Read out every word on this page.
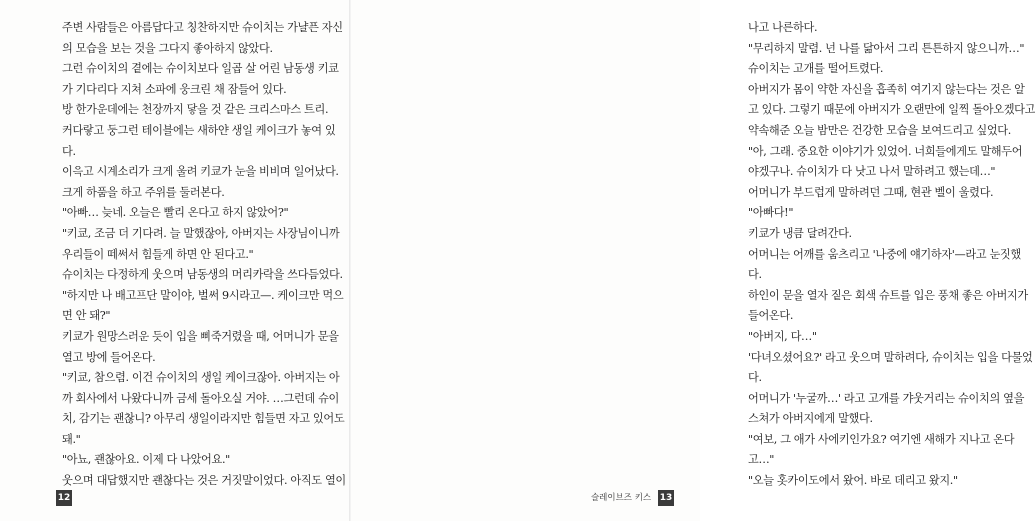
주변 사람들은 아름답다고 칭찬하지만 슈이치는 가냘픈 자신
의 모습을 보는 것을 그다지 좋아하지 않았다.
그런 슈이치의 곁에는 슈이치보다 일곱 살 어린 남동생 키쿄
가 기다리다 지쳐 소파에 웅크린 채 잠들어 있다.
방 한가운데에는 천장까지 닿을 것 같은 크리스마스 트리.
커다랗고 둥그런 테이블에는 새하얀 생일 케이크가 놓여 있
다.
이윽고 시계소리가 크게 울려 키쿄가 눈을 비비며 일어났다.
크게 하품을 하고 주위를 둘러본다.
"아빠… 늦네. 오늘은 빨리 온다고 하지 않았어?"
"키쿄, 조금 더 기다려. 늘 말했잖아, 아버지는 사장님이니까
우리들이 떼써서 힘들게 하면 안 된다고."
슈이치는 다정하게 웃으며 남동생의 머리카락을 쓰다듬었다.
"하지만 나 배고프단 말이야, 벌써 9시라고—. 케이크만 먹으
면 안 돼?"
키쿄가 원망스러운 듯이 입을 삐죽거렸을 때, 어머니가 문을
열고 방에 들어온다.
"키쿄, 참으렴. 이건 슈이치의 생일 케이크잖아. 아버지는 아
까 회사에서 나왔다니까 금세 돌아오실 거야. …그런데 슈이
치, 감기는 괜찮니? 아무리 생일이라지만 힘들면 자고 있어도
돼."
"아뇨, 괜찮아요. 이제 다 나았어요."
웃으며 대답했지만 괜찮다는 것은 거짓말이었다. 아직도 열이
12
나고 나른하다.
"무리하지 말렴. 넌 나를 닮아서 그리 튼튼하지 않으니까…"
슈이치는 고개를 떨어트렸다.
아버지가 몸이 약한 자신을 흡족히 여기지 않는다는 것은 알
고 있다. 그렇기 때문에 아버지가 오랜만에 일찍 돌아오겠다고
약속해준 오늘 밤만은 건강한 모습을 보여드리고 싶었다.
"아, 그래. 중요한 이야기가 있었어. 너희들에게도 말해두어
야겠구나. 슈이치가 다 낫고 나서 말하려고 했는데…"
어머니가 부드럽게 말하려던 그때, 현관 벨이 울렸다.
"아빠다!"
키쿄가 냉큼 달려간다.
어머니는 어깨를 움츠리고 '나중에 얘기하자'—라고 눈짓했
다.
하인이 문을 열자 짙은 회색 슈트를 입은 풍채 좋은 아버지가
들어온다.
"아버지, 다…"
'다녀오셨어요?' 라고 웃으며 말하려다, 슈이치는 입을 다물었
다.
어머니가 '누굴까…' 라고 고개를 갸웃거리는 슈이치의 옆을
스쳐가 아버지에게 말했다.
"여보, 그 애가 사에키인가요? 여기엔 새해가 지나고 온다
고…"
"오늘 홋카이도에서 왔어. 바로 데리고 왔지."
슬레이브즈 키스 13
